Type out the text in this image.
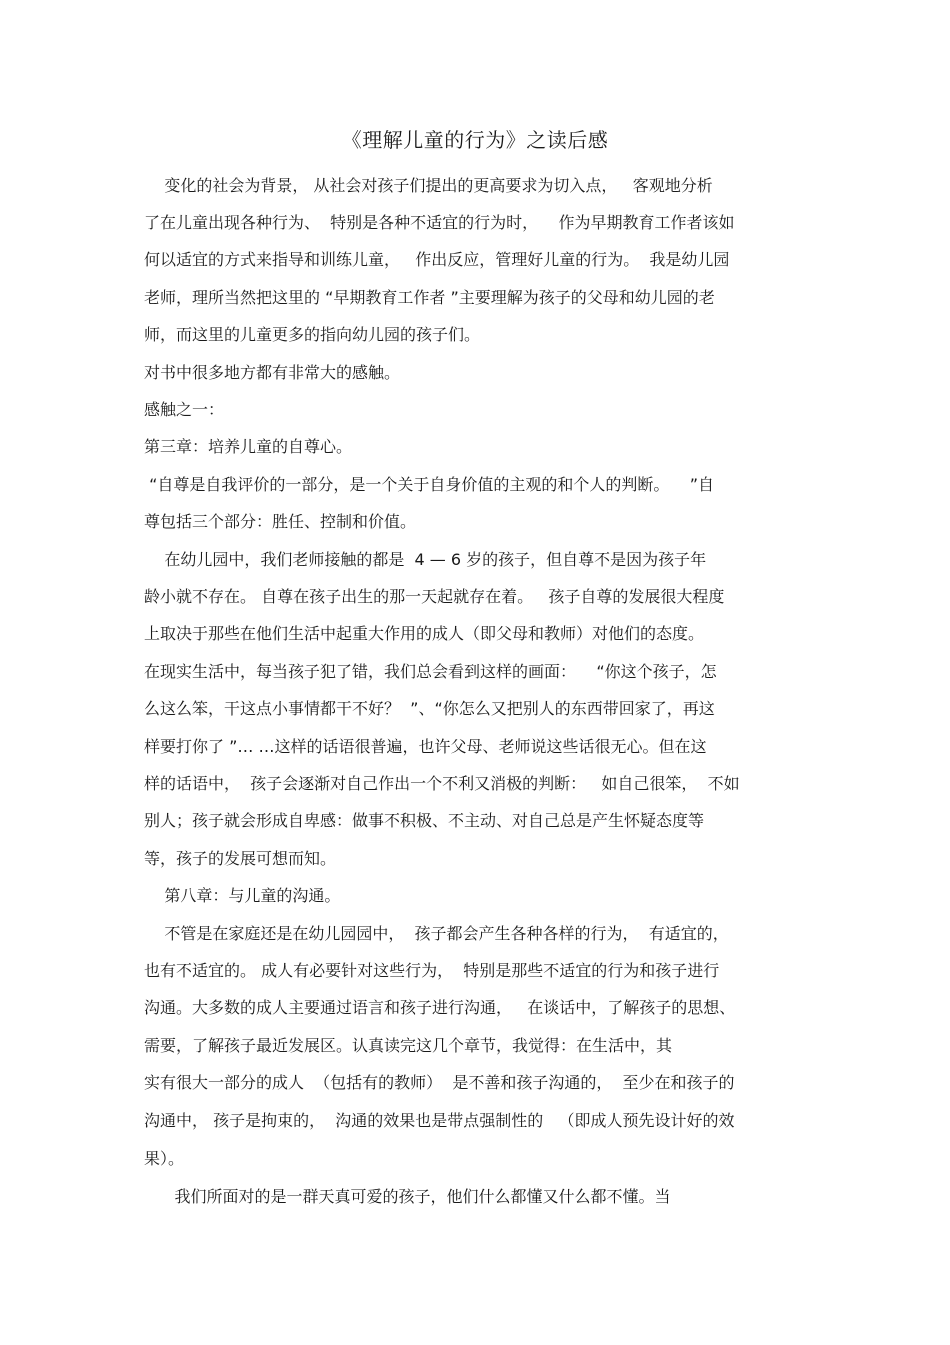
《理解儿童的行为》之读后感
变化的社会为背景， 从社会对孩子们提出的更高要求为切入点，   客观地分析
了在儿童出现各种行为、  特别是各种不适宜的行为时，    作为早期教育工作者该如
何以适宜的方式来指导和训练儿童，   作出反应，管理好儿童的行为。  我是幼儿园
老师，理所当然把这里的 “早期教育工作者 ”主要理解为孩子的父母和幼儿园的老
师，而这里的儿童更多的指向幼儿园的孩子们。
对书中很多地方都有非常大的感触。
感触之一：
第三章：培养儿童的自尊心。
“自尊是自我评价的一部分，是一个关于自身价值的主观的和个人的判断。    ”自
尊包括三个部分：胜任、控制和价值。
在幼儿园中，我们老师接触的都是  4 — 6 岁的孩子，但自尊不是因为孩子年
龄小就不存在。 自尊在孩子出生的那一天起就存在着。   孩子自尊的发展很大程度
上取决于那些在他们生活中起重大作用的成人（即父母和教师）对他们的态度。
在现实生活中，每当孩子犯了错，我们总会看到这样的画面：    “你这个孩子，怎
么这么笨，干这点小事情都干不好？  ”、“你怎么又把别人的东西带回家了，再这
样要打你了 ”… …这样的话语很普遍，也许父母、老师说这些话很无心。但在这
样的话语中，  孩子会逐渐对自己作出一个不利又消极的判断：   如自己很笨，  不如
别人；孩子就会形成自卑感：做事不积极、不主动、对自己总是产生怀疑态度等
等，孩子的发展可想而知。
第八章：与儿童的沟通。
不管是在家庭还是在幼儿园园中，  孩子都会产生各种各样的行为，  有适宜的，
也有不适宜的。 成人有必要针对这些行为，  特别是那些不适宜的行为和孩子进行
沟通。大多数的成人主要通过语言和孩子进行沟通，   在谈话中，了解孩子的思想、
需要，了解孩子最近发展区。认真读完这几个章节，我觉得：在生活中，其
实有很大一部分的成人  （包括有的教师）  是不善和孩子沟通的，  至少在和孩子的
沟通中， 孩子是拘束的，  沟通的效果也是带点强制性的   （即成人预先设计好的效
果）。
我们所面对的是一群天真可爱的孩子，他们什么都懂又什么都不懂。当
